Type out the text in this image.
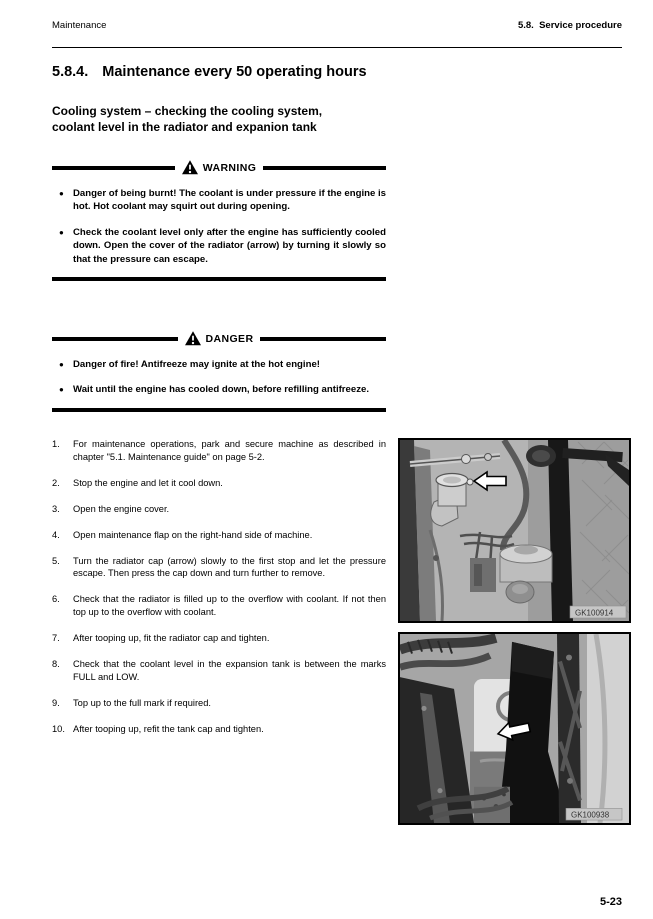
Maintenance	5.8.  Service procedure
5.8.4. Maintenance every 50 operating hours
Cooling system – checking the cooling system,
coolant level in the radiator and expanion tank
WARNING
● Danger of being burnt! The coolant is under pressure if the engine is hot. Hot coolant may squirt out during opening.
● Check the coolant level only after the engine has sufficiently cooled down. Open the cover of the radiator (arrow) by turning it slowly so that the pressure can escape.
DANGER
● Danger of fire! Antifreeze may ignite at the hot engine!
● Wait until the engine has cooled down, before refilling antifreeze.
1.	For maintenance operations, park and secure machine as described in chapter "5.1. Maintenance guide" on page 5-2.
2.	Stop the engine and let it cool down.
3.	Open the engine cover.
4.	Open maintenance flap on the right-hand side of machine.
5.	Turn the radiator cap (arrow) slowly to the first stop and let the pressure escape. Then press the cap down and turn further to remove.
6.	Check that the radiator is filled up to the overflow with coolant. If not then top up to the overflow with coolant.
7.	After tooping up, fit the radiator cap and tighten.
8.	Check that the coolant level in the expansion tank is between the marks FULL and LOW.
9.	Top up to the full mark if required.
10. After tooping up, refit the tank cap and tighten.
GK100914
GK100938
5-23
